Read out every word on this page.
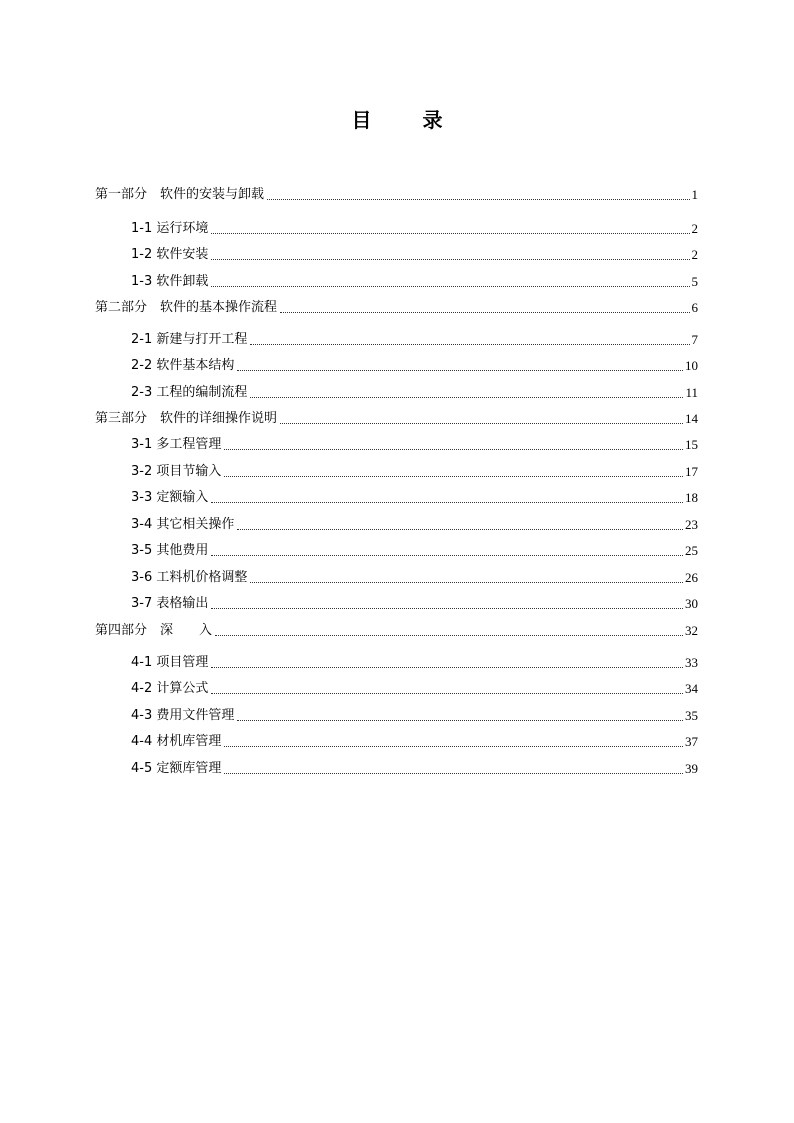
目 录
第一部分　软件的安装与卸载	1
1-1 运行环境	2
1-2 软件安装	2
1-3 软件卸载	5
第二部分　软件的基本操作流程	6
2-1 新建与打开工程	7
2-2 软件基本结构	10
2-3 工程的编制流程	11
第三部分　软件的详细操作说明	14
3-1 多工程管理	15
3-2 项目节输入	17
3-3 定额输入	18
3-4 其它相关操作	23
3-5 其他费用	25
3-6 工料机价格调整	26
3-7 表格输出	30
第四部分　深　　入	32
4-1 项目管理	33
4-2 计算公式	34
4-3 费用文件管理	35
4-4 材机库管理	37
4-5 定额库管理	39
